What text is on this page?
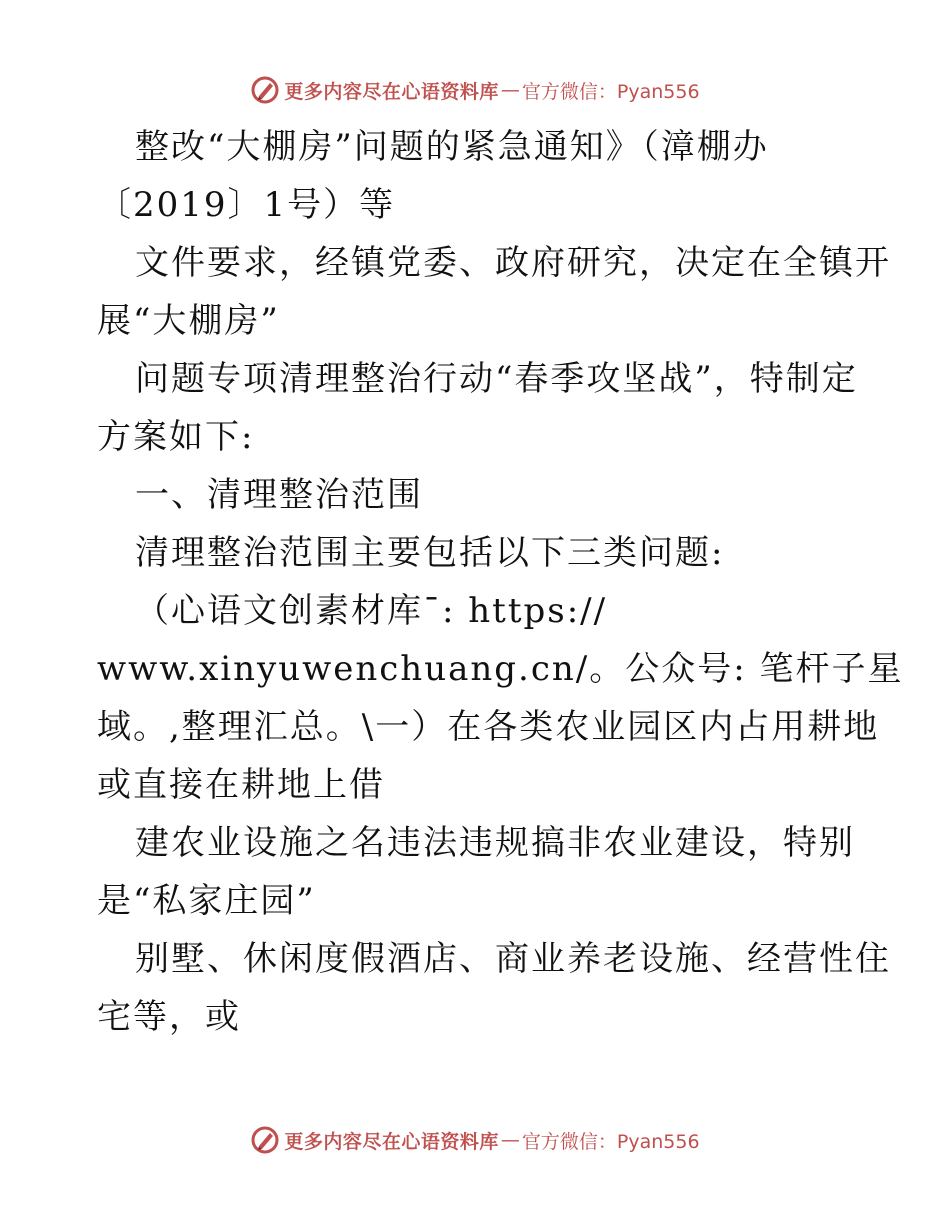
更多内容尽在心语资料库 — 官方微信：Pyan556
整改“大棚房”问题的紧急通知》（漳棚办
〔2019〕1号）等
文件要求，经镇党委、政府研究，决定在全镇开
展“大棚房”
问题专项清理整治行动“春季攻坚战”，特制定
方案如下:
一、清理整治范围
清理整治范围主要包括以下三类问题:
（心语文创素材库¯: https://
www.xinyuwenchuang.cn/。公众号: 笔杆子星
域。,整理汇总。\一）在各类农业园区内占用耕地
或直接在耕地上借
建农业设施之名违法违规搞非农业建设，特别
是“私家庄园”
别墅、休闲度假酒店、商业养老设施、经营性住
宅等，或
更多内容尽在心语资料库 — 官方微信：Pyan556
